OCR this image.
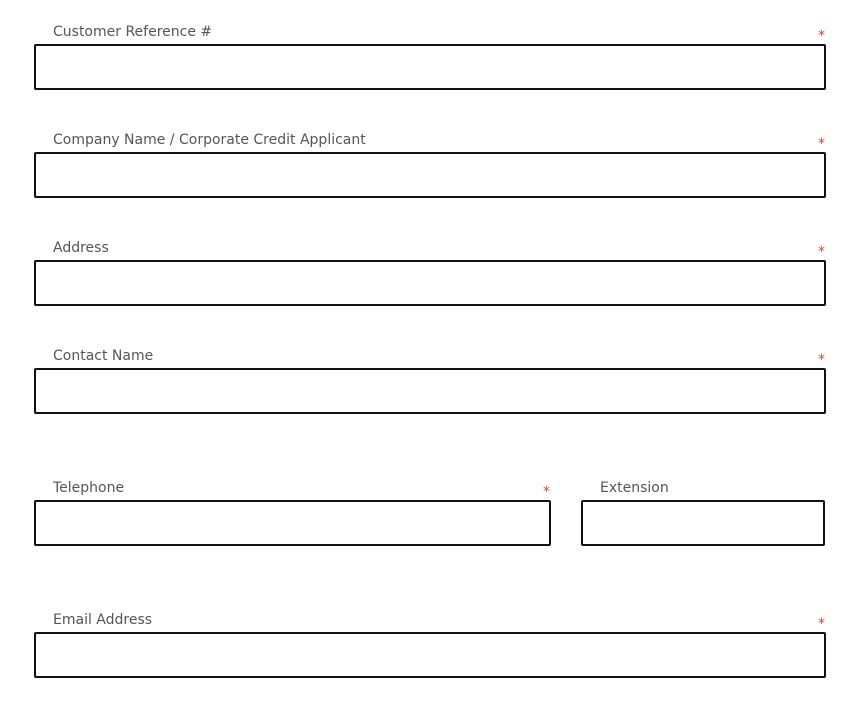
Customer Reference #	*
Company Name / Corporate Credit Applicant	*
Address	*
Contact Name	*
Telephone	*	Extension
Email Address	*
